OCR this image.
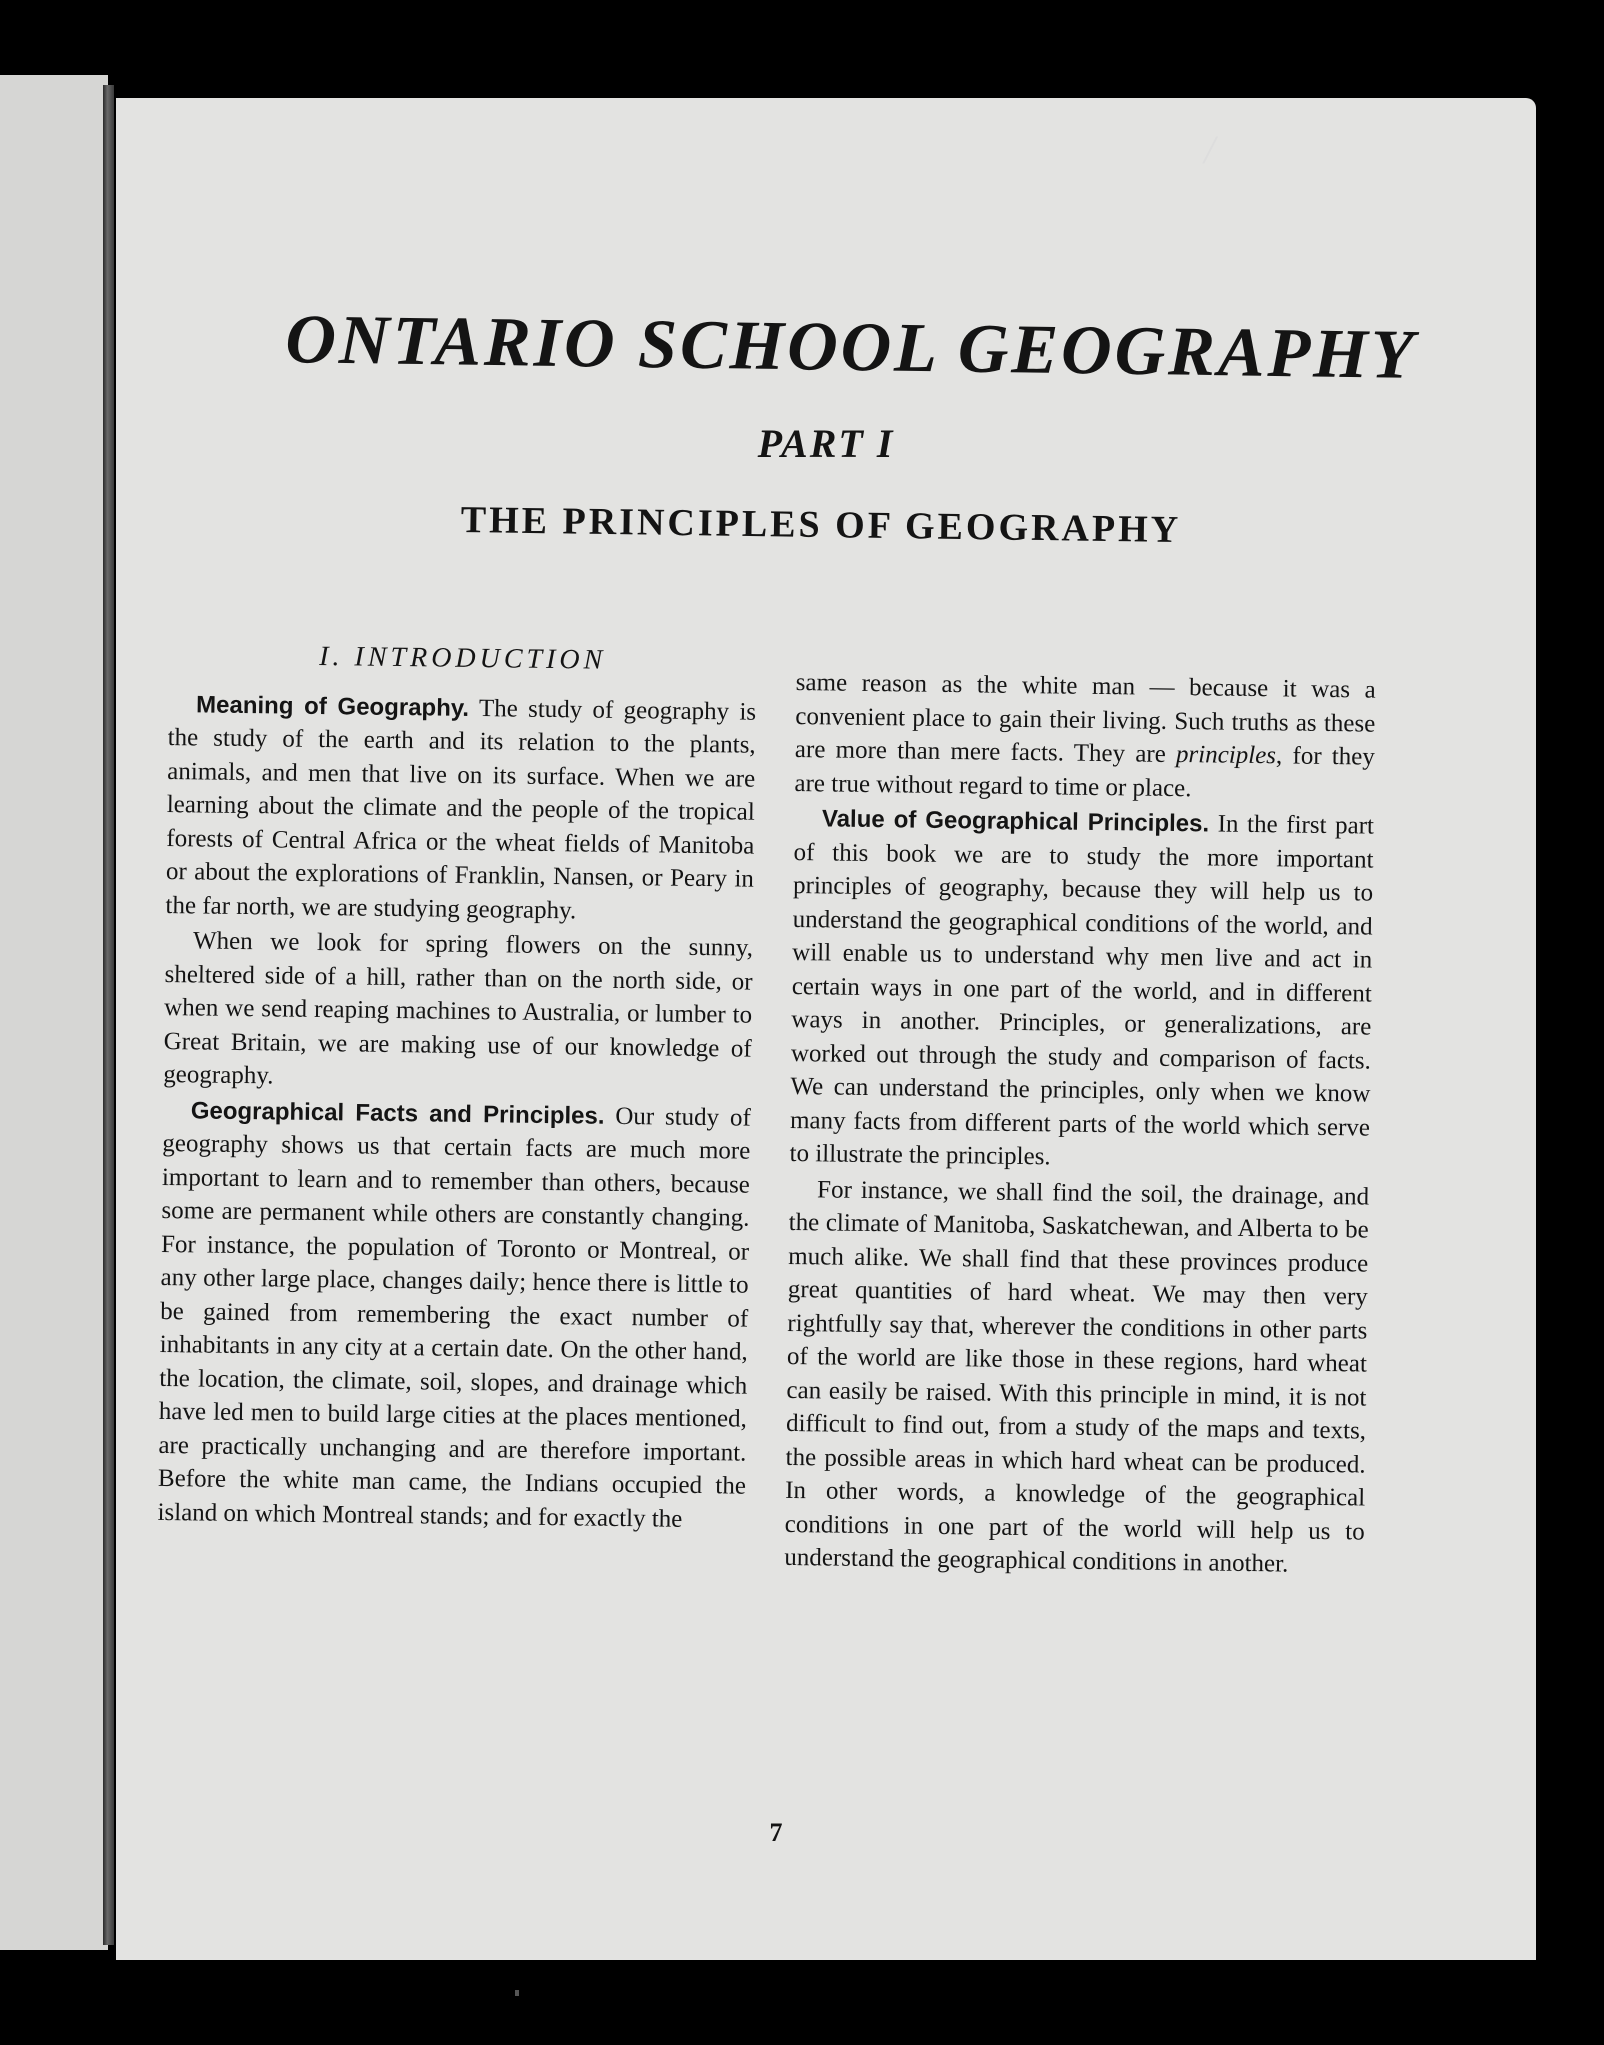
/
ONTARIO SCHOOL GEOGRAPHY
PART I
THE PRINCIPLES OF GEOGRAPHY
I. INTRODUCTION

Meaning of Geography. The study of geography is the study of the earth and its relation to the plants, animals, and men that live on its surface. When we are learning about the climate and the people of the tropical forests of Central Africa or the wheat fields of Manitoba or about the explorations of Franklin, Nansen, or Peary in the far north, we are studying geography.

When we look for spring flowers on the sunny, sheltered side of a hill, rather than on the north side, or when we send reaping machines to Australia, or lumber to Great Britain, we are making use of our knowledge of geography.

Geographical Facts and Principles. Our study of geography shows us that certain facts are much more important to learn and to remember than others, because some are permanent while others are constantly changing. For instance, the population of Toronto or Montreal, or any other large place, changes daily; hence there is little to be gained from remembering the exact number of inhabitants in any city at a certain date. On the other hand, the location, the climate, soil, slopes, and drainage which have led men to build large cities at the places mentioned, are practically unchanging and are therefore important. Before the white man came, the Indians occupied the island on which Montreal stands; and for exactly the

same reason as the white man — because it was a convenient place to gain their living. Such truths as these are more than mere facts. They are principles, for they are true without regard to time or place.

Value of Geographical Principles. In the first part of this book we are to study the more important principles of geography, because they will help us to understand the geographical conditions of the world, and will enable us to understand why men live and act in certain ways in one part of the world, and in different ways in another. Principles, or generalizations, are worked out through the study and comparison of facts. We can understand the principles, only when we know many facts from different parts of the world which serve to illustrate the principles.

For instance, we shall find the soil, the drainage, and the climate of Manitoba, Saskatchewan, and Alberta to be much alike. We shall find that these provinces produce great quantities of hard wheat. We may then very rightfully say that, wherever the conditions in other parts of the world are like those in these regions, hard wheat can easily be raised. With this principle in mind, it is not difficult to find out, from a study of the maps and texts, the possible areas in which hard wheat can be produced. In other words, a knowledge of the geographical conditions in one part of the world will help us to understand the geographical conditions in another.

7
